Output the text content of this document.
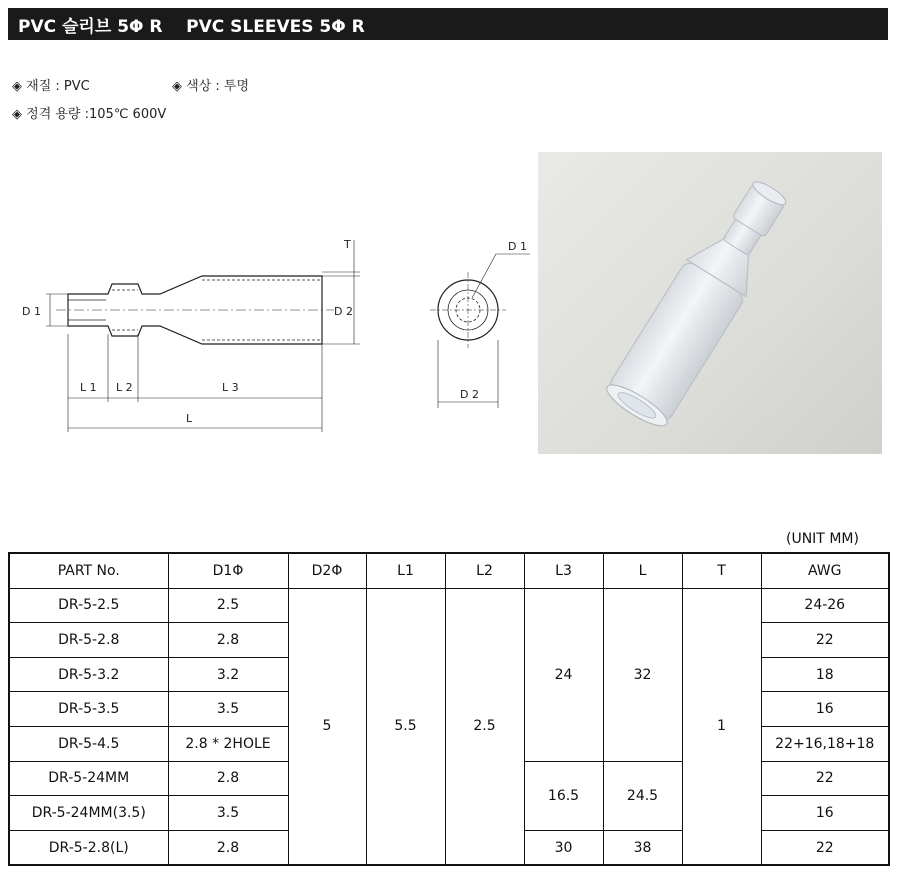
PVC 슬리브 5Φ R    PVC SLEEVES 5Φ R
◈ 재질 : PVC	◈ 색상 : 투명
◈ 정격 용량 :105℃ 600V
T
D 1	D 2
L 1 L 2	L 3
L
D 1
D 2
(UNIT MM)
PART No.	D1Φ	D2Φ	L1	L2	L3	L	T	AWG
DR-5-2.5	2.5	5	5.5	2.5	24	32	1	24-26
DR-5-2.8	2.8							22
DR-5-3.2	3.2							18
DR-5-3.5	3.5							16
DR-5-4.5	2.8 * 2HOLE							22+16,18+18
DR-5-24MM	2.8				16.5	24.5		22
DR-5-24MM(3.5)	3.5							16
DR-5-2.8(L)	2.8				30	38		22
